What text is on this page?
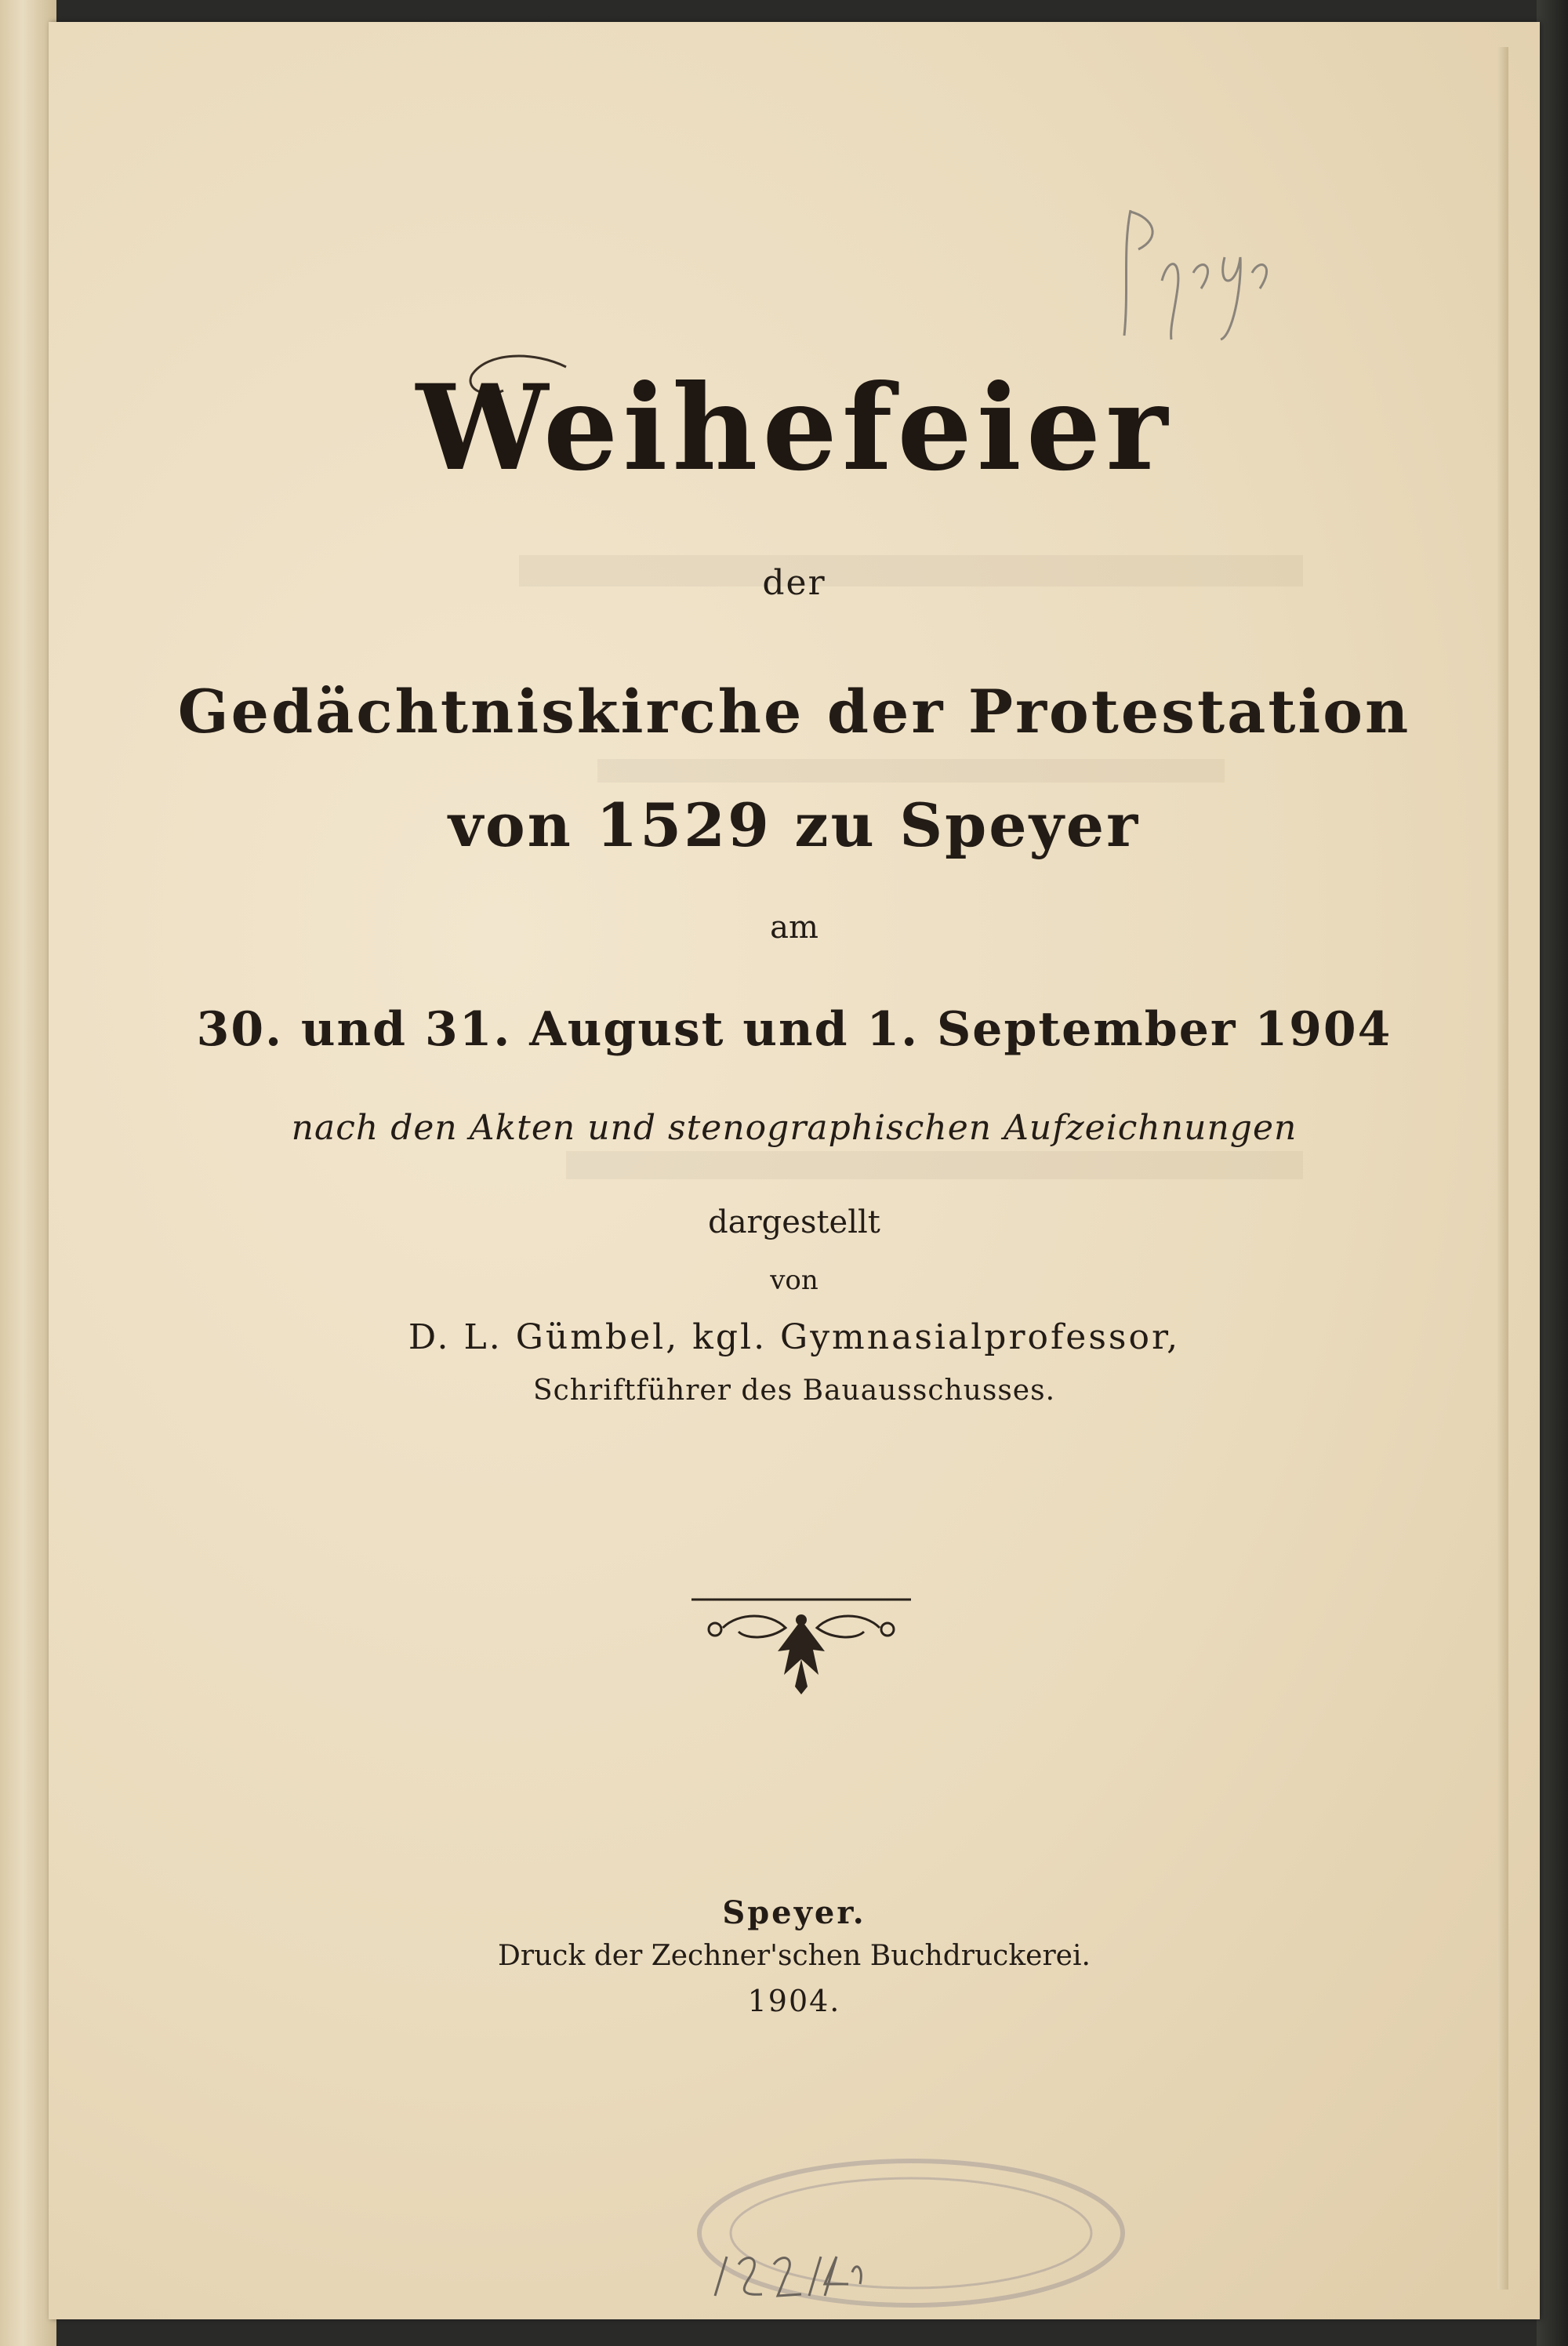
Weihefeier
der
Gedächtniskirche der Protestation
von 1529 zu Speyer
am
30. und 31. August und 1. September 1904
nach den Akten und stenographischen Aufzeichnungen
dargestellt
von
D. L. Gümbel, kgl. Gymnasialprofessor,
Schriftführer des Bauausschusses.
Speyer.
Druck der Zechner'schen Buchdruckerei.
1904.
